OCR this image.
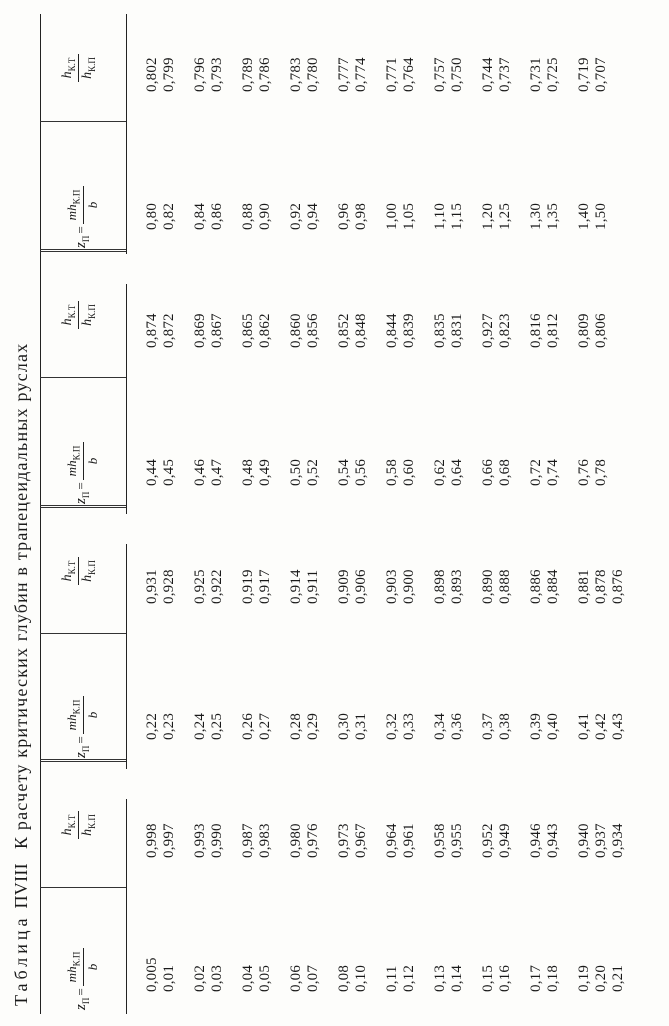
ТаблицаПVIIIК расчету критических глубин в трапецеидальных руслах
$z_П=$
$mh_{К.П}$
b
$h_{К.Т}$
$h_{К.П}$
$z_П=$
$mh_{К.П}$
b
$h_{К.Т}$
$h_{К.П}$
$z_П=$
$mh_{К.П}$
b
$h_{К.Т}$
$h_{К.П}$
$z_П=$
$mh_{К.П}$
b
$h_{К.Т}$
$h_{К.П}$
0,005 0,01 0,02 0,03 0,04 0,05 0,06 0,07 0,08 0,10 0,11 0,12 0,13 0,14 0,15 0,16 0,17 0,18 0,19 0,20 0,21
0,998 0,997 0,993 0,990 0,987 0,983 0,980 0,976 0,973 0,967 0,964 0,961 0,958 0,955 0,952 0,949 0,946 0,943 0,940 0,937 0,934
0,22 0,23 0,24 0,25 0,26 0,27 0,28 0,29 0,30 0,31 0,32 0,33 0,34 0,36 0,37 0,38 0,39 0,40 0,41 0,42 0,43
0,931 0,928 0,925 0,922 0,919 0,917 0,914 0,911 0,909 0,906 0,903 0,900 0,898 0,893 0,890 0,888 0,886 0,884 0,881 0,878 0,876
0,44 0,45 0,46 0,47 0,48 0,49 0,50 0,52 0,54 0,56 0,58 0,60 0,62 0,64 0,66 0,68 0,72 0,74 0,76 0,78
0,874 0,872 0,869 0,867 0,865 0,862 0,860 0,856 0,852 0,848 0,844 0,839 0,835 0,831 0,927 0,823 0,816 0,812 0,809 0,806
0,80 0,82 0,84 0,86 0,88 0,90 0,92 0,94 0,96 0,98 1,00 1,05 1,10 1,15 1,20 1,25 1,30 1,35 1,40 1,50
0,802 0,799 0,796 0,793 0,789 0,786 0,783 0,780 0,777 0,774 0,771 0,764 0,757 0,750 0,744 0,737 0,731 0,725 0,719 0,707
